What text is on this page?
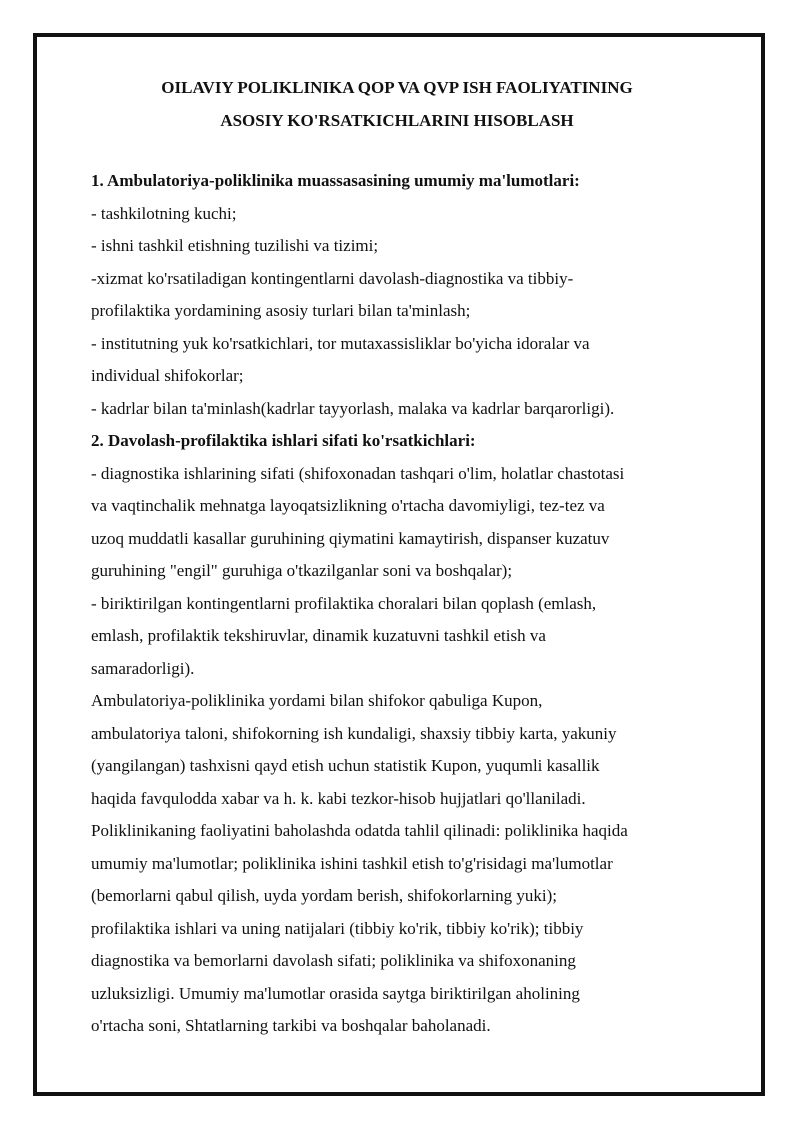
OILAVIY POLIKLINIKA QOP VA QVP ISH FAOLIYATINING
ASOSIY KO'RSATKICHLARINI HISOBLASH

1. Ambulatoriya-poliklinika muassasasining umumiy ma'lumotlari:

- tashkilotning kuchi;

- ishni tashkil etishning tuzilishi va tizimi;

-xizmat ko'rsatiladigan kontingentlarni davolash-diagnostika va tibbiy-

profilaktika yordamining asosiy turlari bilan ta'minlash;

- institutning yuk ko'rsatkichlari, tor mutaxassisliklar bo'yicha idoralar va

individual shifokorlar;

- kadrlar bilan ta'minlash(kadrlar tayyorlash, malaka va kadrlar barqarorligi).

2. Davolash-profilaktika ishlari sifati ko'rsatkichlari:

- diagnostika ishlarining sifati (shifoxonadan tashqari o'lim, holatlar chastotasi

va vaqtinchalik mehnatga layoqatsizlikning o'rtacha davomiyligi, tez-tez va

uzoq muddatli kasallar guruhining qiymatini kamaytirish, dispanser kuzatuv

guruhining "engil" guruhiga o'tkazilganlar soni va boshqalar);

- biriktirilgan kontingentlarni profilaktika choralari bilan qoplash (emlash,

emlash, profilaktik tekshiruvlar, dinamik kuzatuvni tashkil etish va

samaradorligi).

Ambulatoriya-poliklinika yordami bilan shifokor qabuliga Kupon,

ambulatoriya taloni, shifokorning ish kundaligi, shaxsiy tibbiy karta, yakuniy

(yangilangan) tashxisni qayd etish uchun statistik Kupon, yuqumli kasallik

haqida favqulodda xabar va h. k. kabi tezkor-hisob hujjatlari qo'llaniladi.

Poliklinikaning faoliyatini baholashda odatda tahlil qilinadi: poliklinika haqida

umumiy ma'lumotlar; poliklinika ishini tashkil etish to'g'risidagi ma'lumotlar

(bemorlarni qabul qilish, uyda yordam berish, shifokorlarning yuki);

profilaktika ishlari va uning natijalari (tibbiy ko'rik, tibbiy ko'rik); tibbiy

diagnostika va bemorlarni davolash sifati; poliklinika va shifoxonaning

uzluksizligi. Umumiy ma'lumotlar orasida saytga biriktirilgan aholining

o'rtacha soni, Shtatlarning tarkibi va boshqalar baholanadi.
